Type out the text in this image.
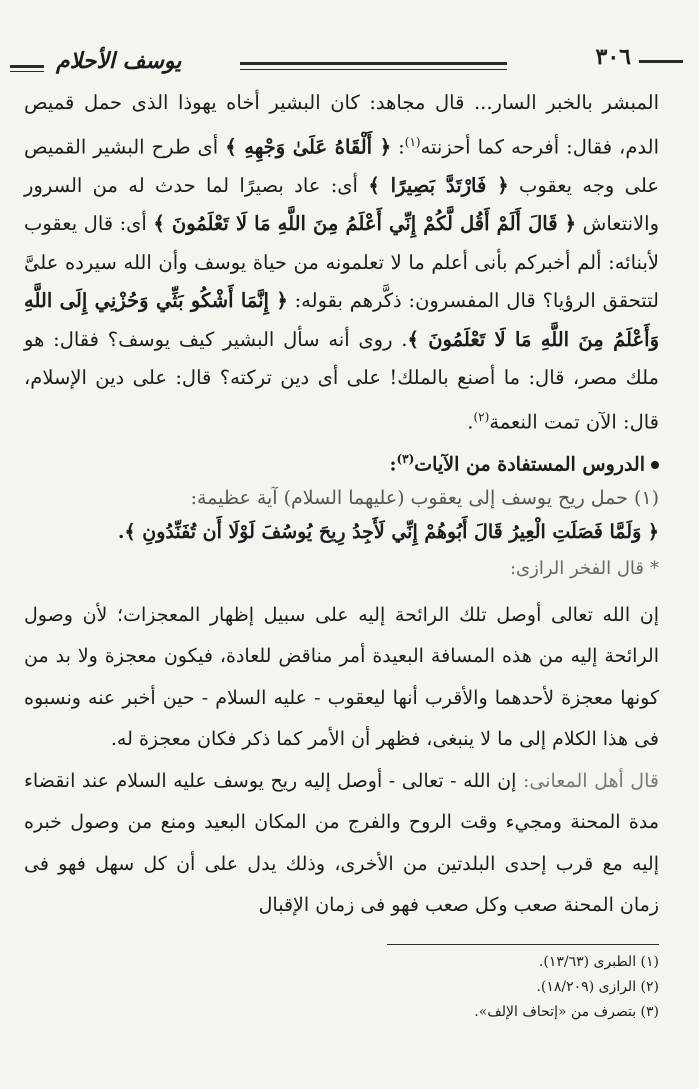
٣٠٦
يوسف الأحلام

المبشر بالخبر السار... قال مجاهد: كان البشير أخاه يهوذا الذى حمل قميص الدم، فقال: أفرحه كما أحزنته$^{(١)}$: ﴿ أَلْقَاهُ عَلَىٰ وَجْهِهِ ﴾ أى طرح البشير القميص على وجه يعقوب ﴿ فَارْتَدَّ بَصِيرًا ﴾ أى: عاد بصيرًا لما حدث له من السرور والانتعاش ﴿ قَالَ أَلَمْ أَقُل لَّكُمْ إِنِّي أَعْلَمُ مِنَ اللَّهِ مَا لَا تَعْلَمُونَ ﴾ أى: قال يعقوب لأبنائه: ألم أخبركم بأنى أعلم ما لا تعلمونه من حياة يوسف وأن الله سيرده علىَّ لتتحقق الرؤيا؟ قال المفسرون: ذكَّرهم بقوله: ﴿ إِنَّمَا أَشْكُو بَثِّي وَحُزْنِي إِلَى اللَّهِ وَأَعْلَمُ مِنَ اللَّهِ مَا لَا تَعْلَمُونَ ﴾. روى أنه سأل البشير كيف يوسف؟ فقال: هو ملك مصر، قال: ما أصنع بالملك! على أى دين تركته؟ قال: على دين الإسلام، قال: الآن تمت النعمة$^{(٢)}$.

الدروس المستفادة من الآيات$^{(٣)}$:

(١) حمل ريح يوسف إلى يعقوب (عليهما السلام) آية عظيمة:

﴿ وَلَمَّا فَصَلَتِ الْعِيرُ قَالَ أَبُوهُمْ إِنِّي لَأَجِدُ رِيحَ يُوسُفَ لَوْلَا أَن تُفَنِّدُونِ ﴾.

*قال الفخر الرازى:

إن الله تعالى أوصل تلك الرائحة إليه على سبيل إظهار المعجزات؛ لأن وصول الرائحة إليه من هذه المسافة البعيدة أمر مناقض للعادة، فيكون معجزة ولا بد من كونها معجزة لأحدهما والأقرب أنها ليعقوب - عليه السلام - حين أخبر عنه ونسبوه فى هذا الكلام إلى ما لا ينبغى، فظهر أن الأمر كما ذكر فكان معجزة له.

قال أهل المعانى: إن الله - تعالى - أوصل إليه ريح يوسف عليه السلام عند انقضاء مدة المحنة ومجيء وقت الروح والفرج من المكان البعيد ومنع من وصول خبره إليه مع قرب إحدى البلدتين من الأخرى، وذلك يدل على أن كل سهل فهو فى زمان المحنة صعب وكل صعب فهو فى زمان الإقبال

(١) الطبرى (١٣/٦٣).
(٢) الرازى (١٨/٢٠٩).
(٣) بتصرف من «إتحاف الإلف».
